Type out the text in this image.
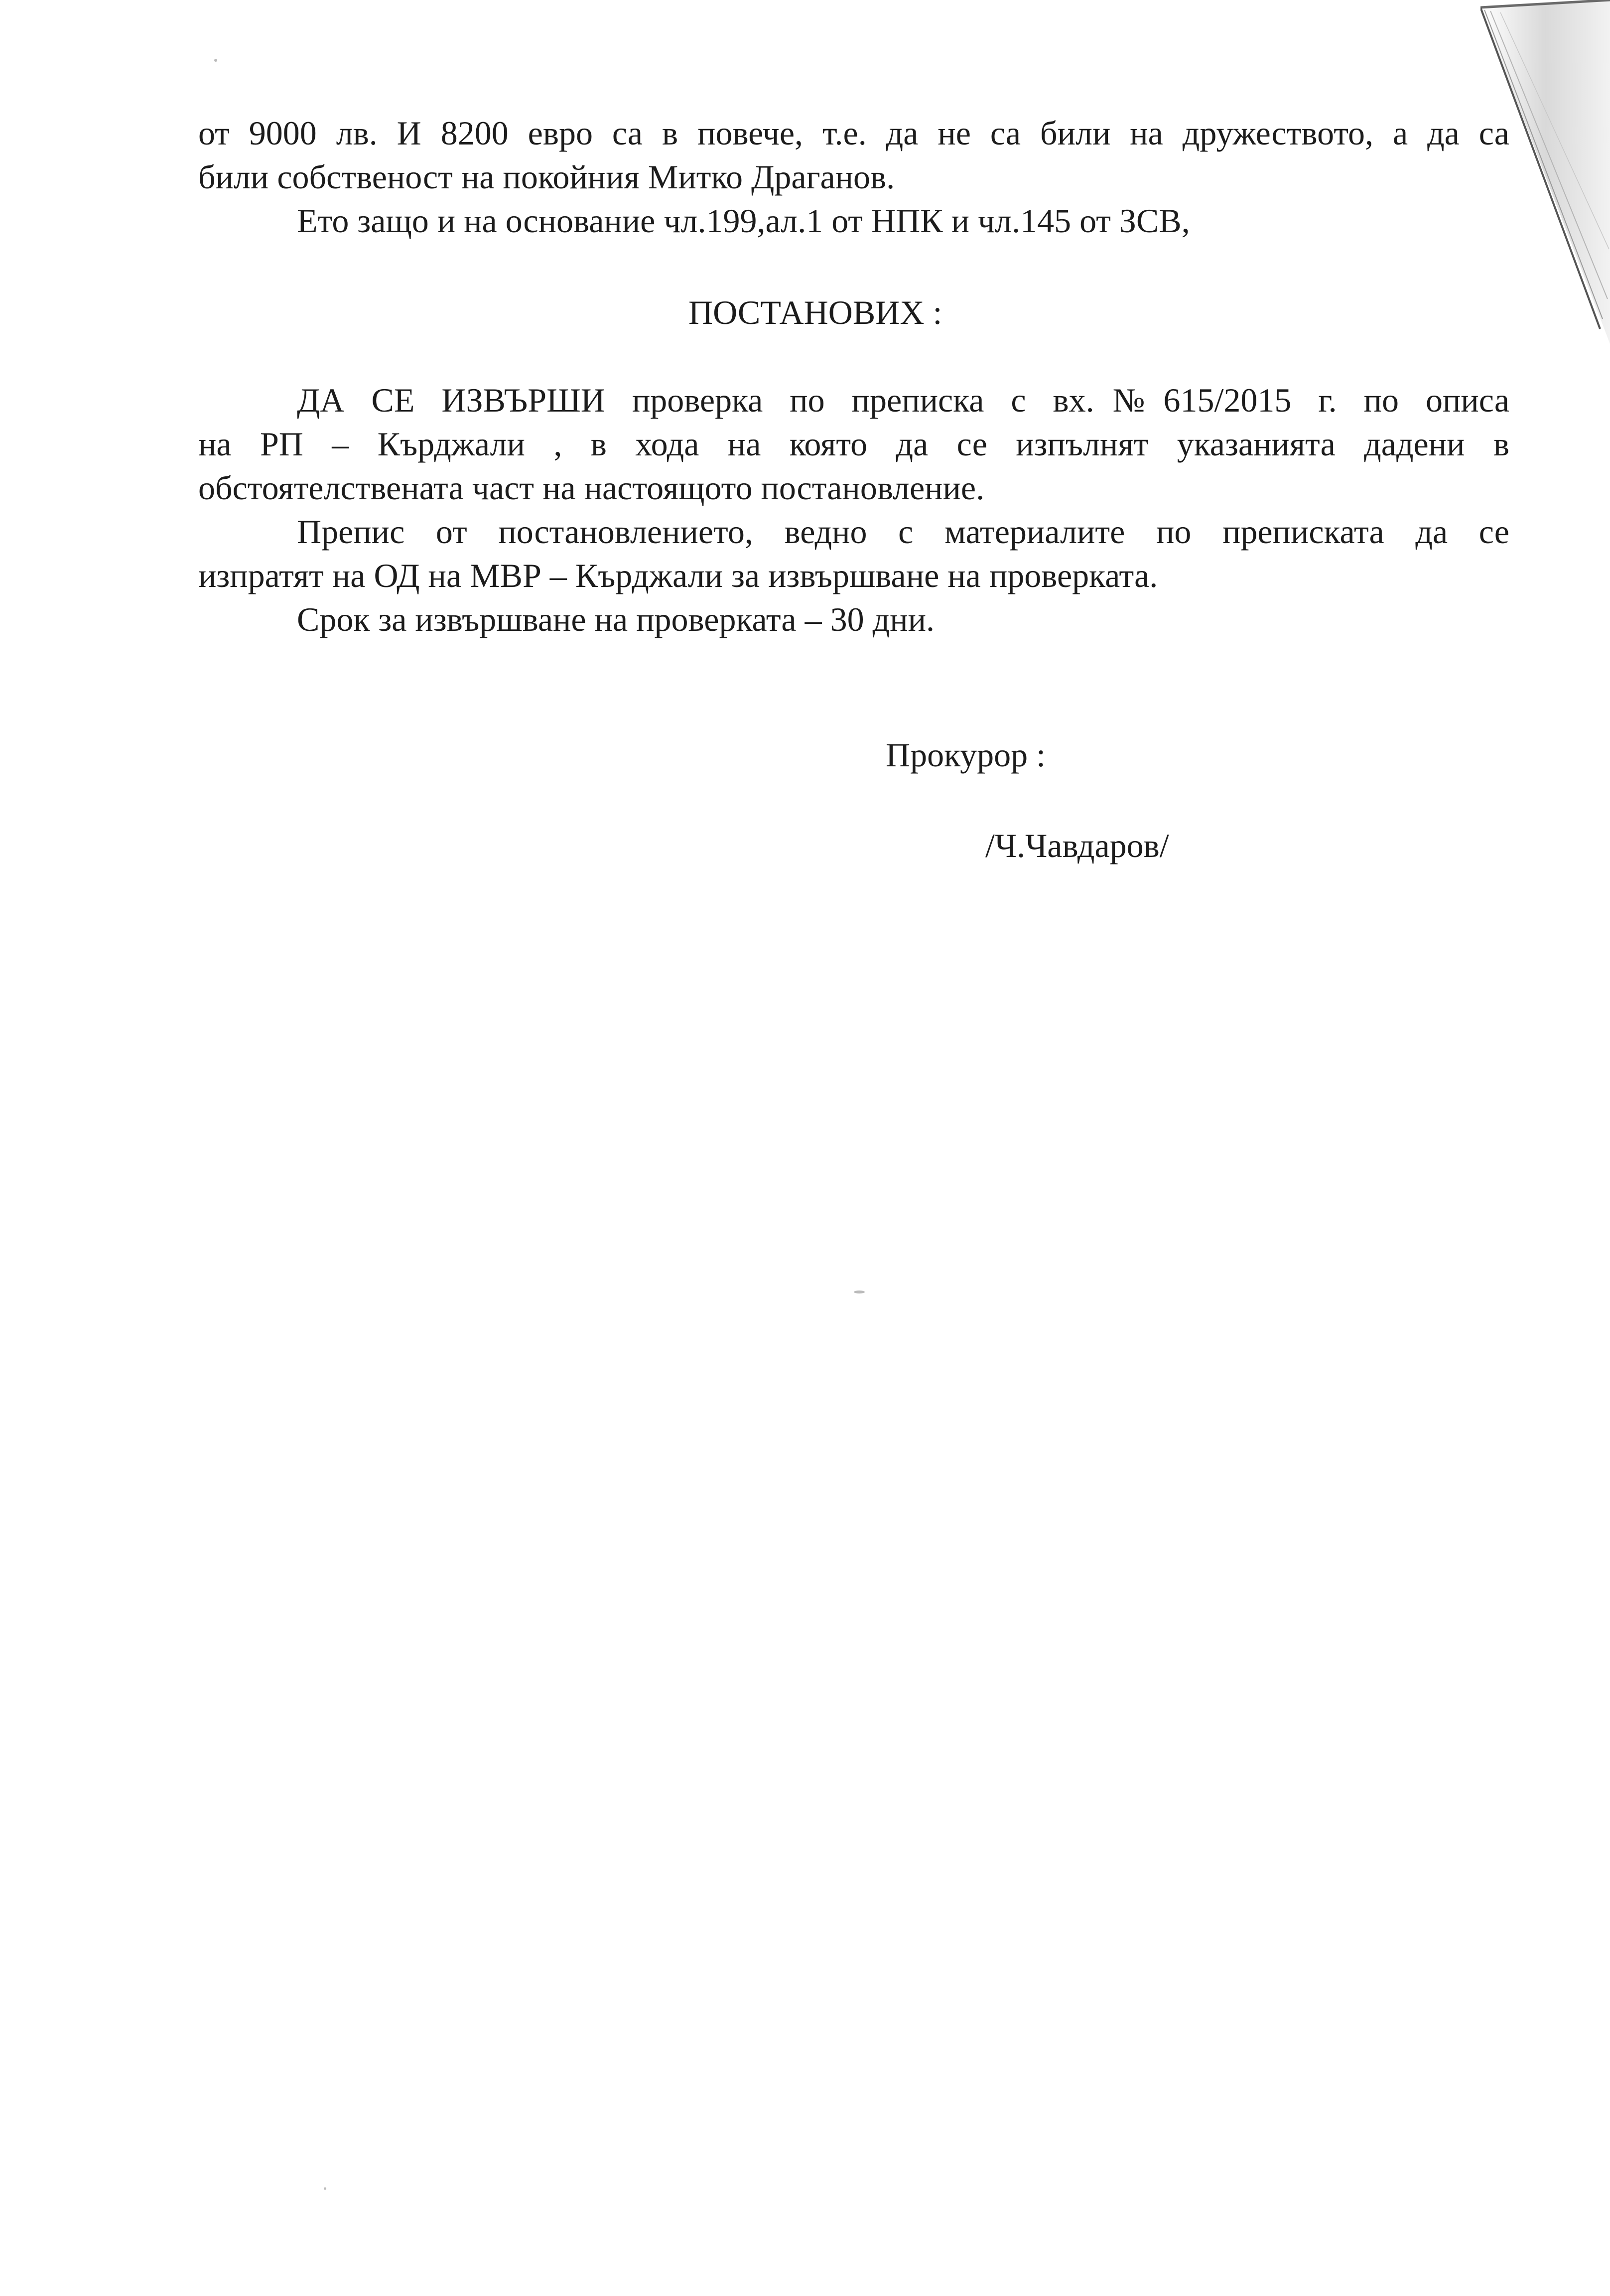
от 9000 лв. И 8200 евро са в повече, т.е. да не са били на дружеството, а да са
били собственост на покойния Митко Драганов.
Ето защо и на основание чл.199,ал.1 от НПК и чл.145 от ЗСВ,
ПОСТАНОВИХ :
ДА СЕ ИЗВЪРШИ проверка по преписка с вх.№615/2015 г. по описа
на РП – Кърджали , в хода на която да се изпълнят указанията дадени в
обстоятелствената част на настоящото постановление.
Препис от постановлението, ведно с материалите по преписката да се
изпратят на ОД на МВР – Кърджали за извършване на проверката.
Срок за извършване на проверката – 30 дни.
Прокурор :
/Ч.Чавдаров/
